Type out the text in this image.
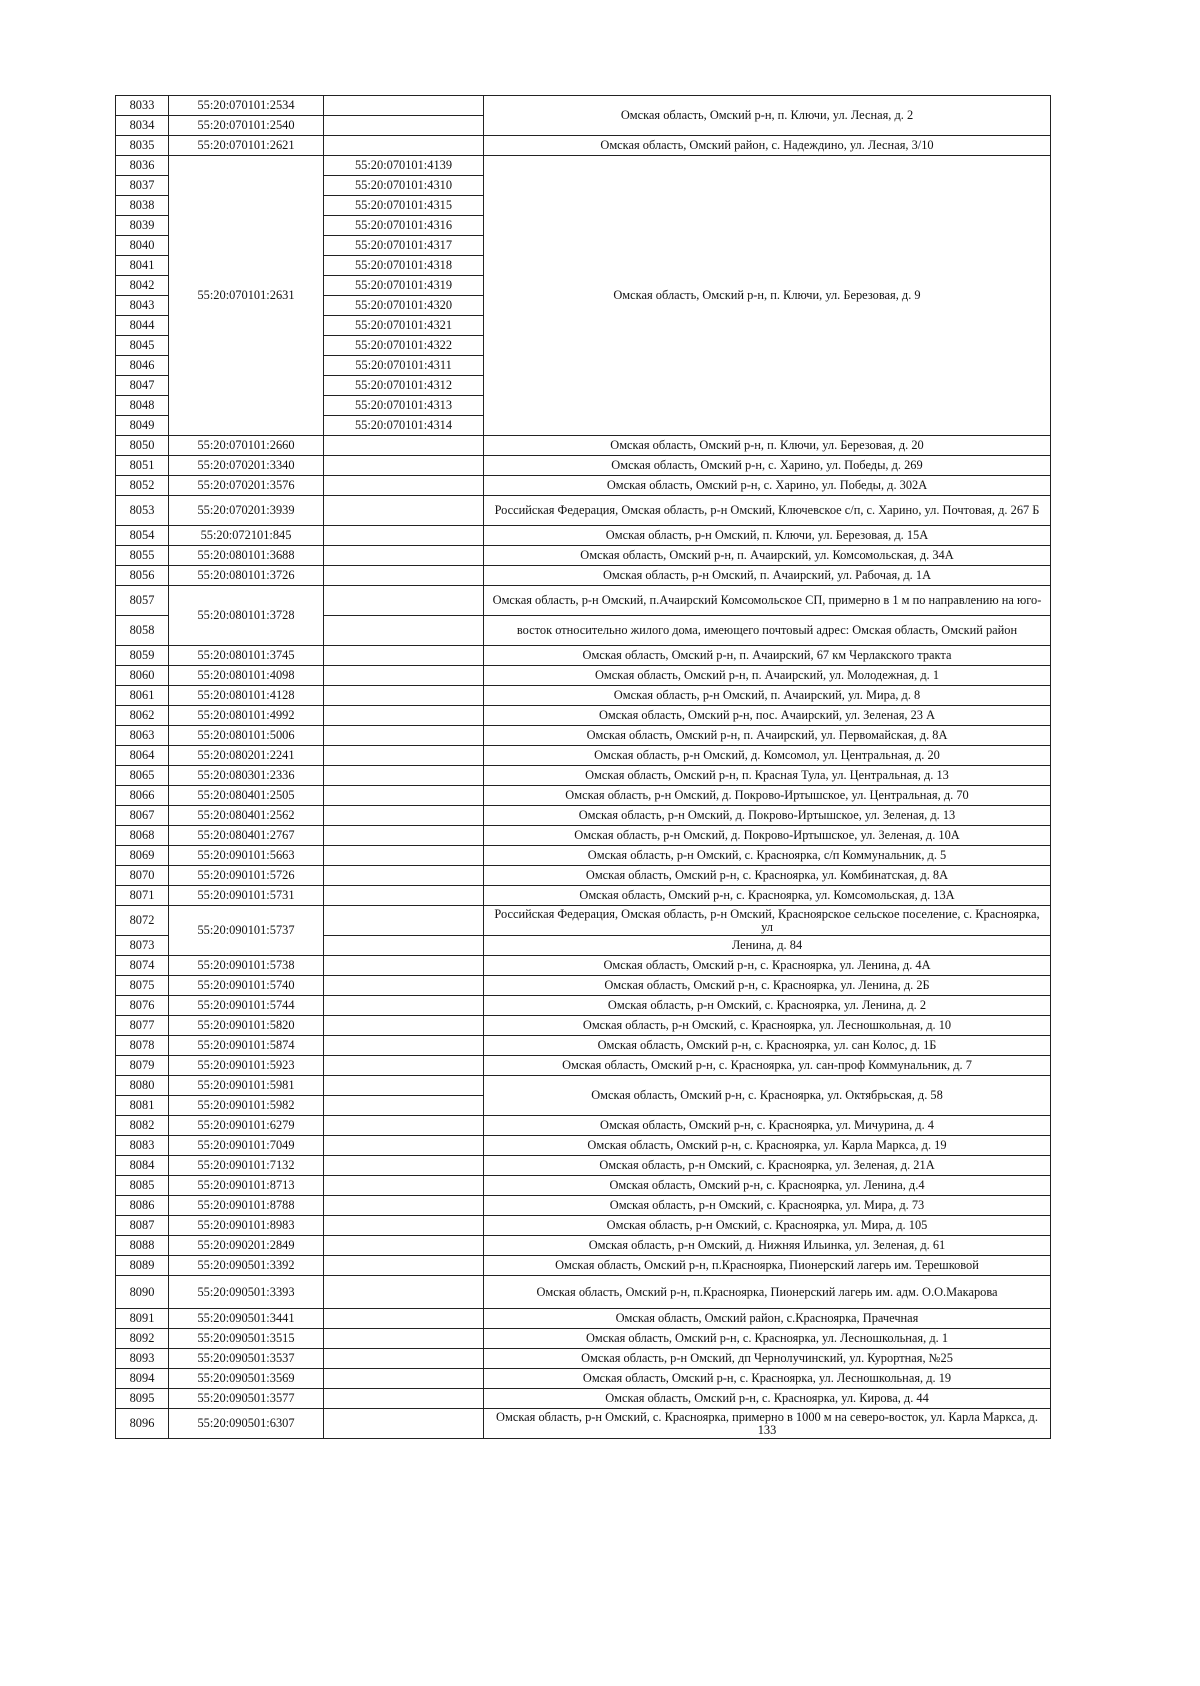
8033	55:20:070101:2534		Омская область, Омский р-н, п. Ключи, ул. Лесная, д. 2
8034	55:20:070101:2540		
8035	55:20:070101:2621		Омская область, Омский район, с. Надеждино, ул. Лесная, 3/10
8036	55:20:070101:2631	55:20:070101:4139	Омская область, Омский р-н, п. Ключи, ул. Березовая, д. 9
8037		55:20:070101:4310	
8038		55:20:070101:4315	
8039		55:20:070101:4316	
8040		55:20:070101:4317	
8041		55:20:070101:4318	
8042		55:20:070101:4319	
8043		55:20:070101:4320	
8044		55:20:070101:4321	
8045		55:20:070101:4322	
8046		55:20:070101:4311	
8047		55:20:070101:4312	
8048		55:20:070101:4313	
8049		55:20:070101:4314	
8050	55:20:070101:2660		Омская область, Омский р-н, п. Ключи, ул. Березовая, д. 20
8051	55:20:070201:3340		Омская область, Омский р-н, с. Харино, ул. Победы, д. 269
8052	55:20:070201:3576		Омская область, Омский р-н, с. Харино, ул. Победы, д. 302А
8053	55:20:070201:3939		Российская Федерация, Омская область, р-н Омский, Ключевское с/п, с. Харино, ул. Почтовая, д. 267 Б
8054	55:20:072101:845		Омская область, р-н Омский, п. Ключи, ул. Березовая, д. 15А
8055	55:20:080101:3688		Омская область, Омский р-н, п. Ачаирский, ул. Комсомольская, д. 34А
8056	55:20:080101:3726		Омская область, р-н Омский, п. Ачаирский, ул. Рабочая, д. 1А
8057	55:20:080101:3728		Омская область, р-н Омский, п.Ачаирский Комсомольское СП, примерно в 1 м по направлению на юго-
8058			восток относительно жилого дома, имеющего почтовый адрес: Омская область, Омский район
8059	55:20:080101:3745		Омская область, Омский р-н, п. Ачаирский, 67 км Черлакского тракта
8060	55:20:080101:4098		Омская область, Омский р-н, п. Ачаирский, ул. Молодежная, д. 1
8061	55:20:080101:4128		Омская область, р-н Омский, п. Ачаирский, ул. Мира, д. 8
8062	55:20:080101:4992		Омская область, Омский р-н, пос. Ачаирский, ул. Зеленая, 23 А
8063	55:20:080101:5006		Омская область, Омский р-н, п. Ачаирский, ул. Первомайская, д. 8А
8064	55:20:080201:2241		Омская область, р-н Омский, д. Комсомол, ул. Центральная, д. 20
8065	55:20:080301:2336		Омская область, Омский р-н, п. Красная Тула, ул. Центральная, д. 13
8066	55:20:080401:2505		Омская область, р-н Омский, д. Покрово-Иртышское, ул. Центральная, д. 70
8067	55:20:080401:2562		Омская область, р-н Омский, д. Покрово-Иртышское, ул. Зеленая, д. 13
8068	55:20:080401:2767		Омская область, р-н Омский, д. Покрово-Иртышское, ул. Зеленая, д. 10А
8069	55:20:090101:5663		Омская область, р-н Омский, с. Красноярка, с/п Коммунальник, д. 5
8070	55:20:090101:5726		Омская область, Омский р-н, с. Красноярка, ул. Комбинатская, д. 8А
8071	55:20:090101:5731		Омская область, Омский р-н, с. Красноярка, ул. Комсомольская, д. 13А
8072	55:20:090101:5737		Российская Федерация, Омская область, р-н Омский, Красноярское сельское поселение, с. Красноярка, ул
8073			Ленина, д. 84
8074	55:20:090101:5738		Омская область, Омский р-н, с. Красноярка, ул. Ленина, д. 4А
8075	55:20:090101:5740		Омская область, Омский р-н, с. Красноярка, ул. Ленина, д. 2Б
8076	55:20:090101:5744		Омская область, р-н Омский, с. Красноярка, ул. Ленина, д. 2
8077	55:20:090101:5820		Омская область, р-н Омский, с. Красноярка, ул. Лесношкольная, д. 10
8078	55:20:090101:5874		Омская область, Омский р-н, с. Красноярка, ул. сан Колос, д. 1Б
8079	55:20:090101:5923		Омская область, Омский р-н, с. Красноярка, ул. сан-проф Коммунальник, д. 7
8080	55:20:090101:5981		Омская область, Омский р-н, с. Красноярка, ул. Октябрьская, д. 58
8081	55:20:090101:5982		
8082	55:20:090101:6279		Омская область, Омский р-н, с. Красноярка, ул. Мичурина, д. 4
8083	55:20:090101:7049		Омская область, Омский р-н, с. Красноярка, ул. Карла Маркса, д. 19
8084	55:20:090101:7132		Омская область, р-н Омский, с. Красноярка, ул. Зеленая, д. 21А
8085	55:20:090101:8713		Омская область, Омский р-н, с. Красноярка, ул. Ленина, д.4
8086	55:20:090101:8788		Омская область, р-н Омский, с. Красноярка, ул. Мира, д. 73
8087	55:20:090101:8983		Омская область, р-н Омский, с. Красноярка, ул. Мира, д. 105
8088	55:20:090201:2849		Омская область, р-н Омский, д. Нижняя Ильинка, ул. Зеленая, д. 61
8089	55:20:090501:3392		Омская область, Омский р-н, п.Красноярка, Пионерский лагерь им. Терешковой
8090	55:20:090501:3393		Омская область, Омский р-н, п.Красноярка, Пионерский лагерь им. адм. О.О.Макарова
8091	55:20:090501:3441		Омская область, Омский район, с.Красноярка, Прачечная
8092	55:20:090501:3515		Омская область, Омский р-н, с. Красноярка, ул. Лесношкольная, д. 1
8093	55:20:090501:3537		Омская область, р-н Омский, дп Чернолучинский, ул. Курортная, №25
8094	55:20:090501:3569		Омская область, Омский р-н, с. Красноярка, ул. Лесношкольная, д. 19
8095	55:20:090501:3577		Омская область, Омский р-н, с. Красноярка, ул. Кирова, д. 44
8096	55:20:090501:6307		Омская область, р-н Омский, с. Красноярка, примерно в 1000 м на северо-восток, ул. Карла Маркса, д. 133
